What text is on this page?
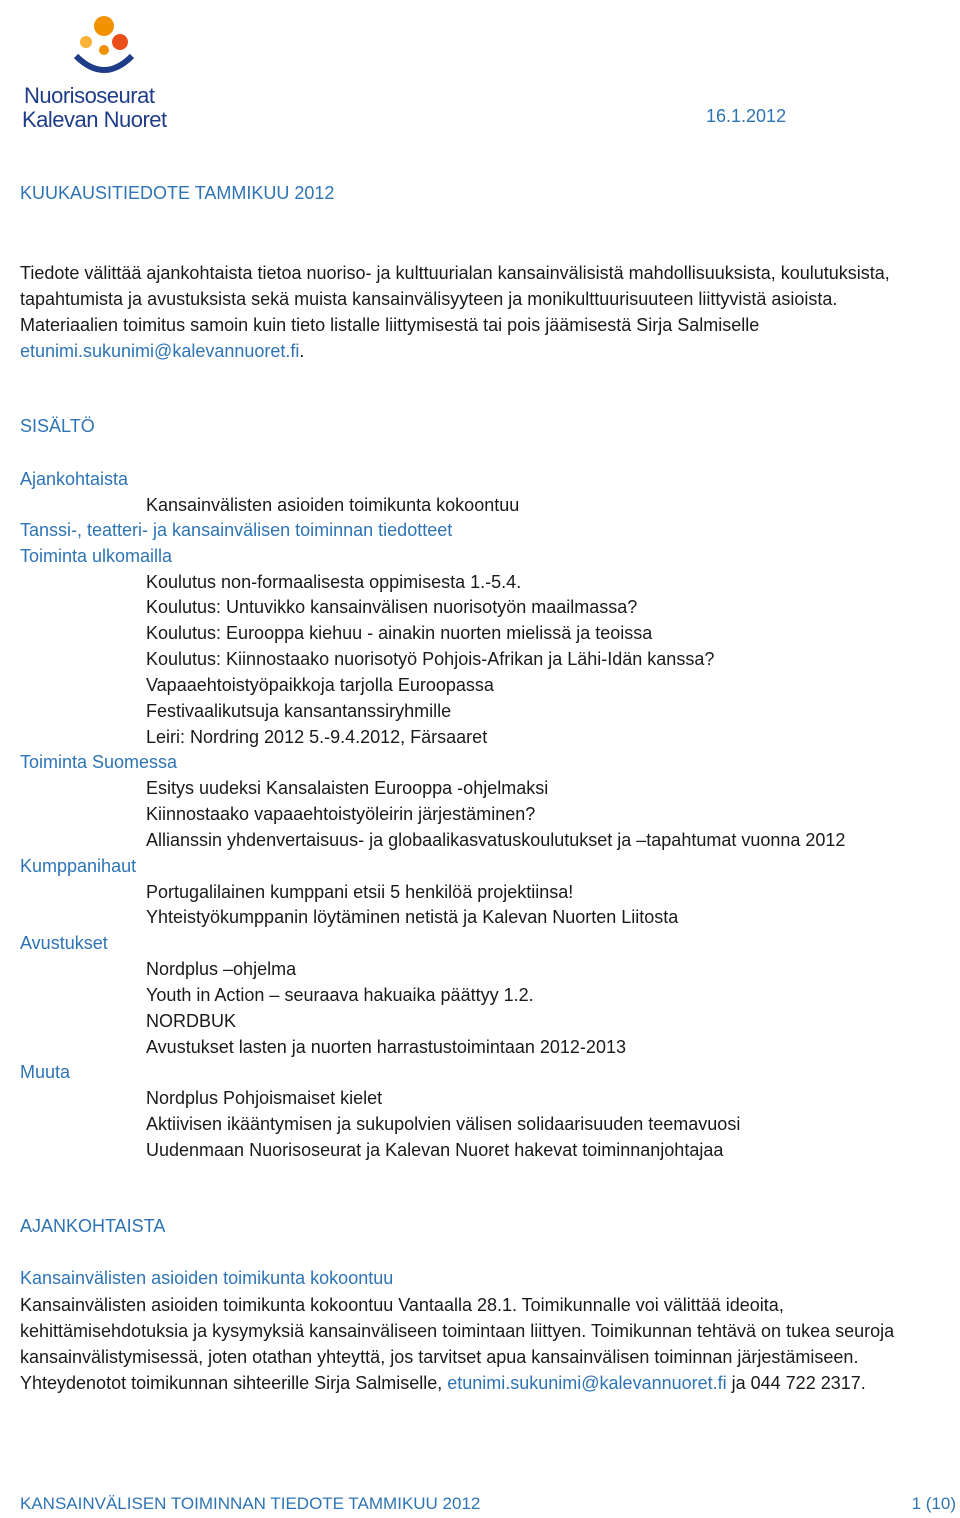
Nuorisoseurat
Kalevan Nuoret	16.1.2012
KUUKAUSITIEDOTE TAMMIKUU 2012
Tiedote välittää ajankohtaista tietoa nuoriso- ja kulttuurialan kansainvälisistä mahdollisuuksista, koulutuksista, tapahtumista ja avustuksista sekä muista kansainvälisyyteen ja monikulttuurisuuteen liittyvistä asioista. Materiaalien toimitus samoin kuin tieto listalle liittymisestä tai pois jäämisestä Sirja Salmiselle etunimi.sukunimi@kalevannuoret.fi.
SISÄLTÖ
Ajankohtaista
Kansainvälisten asioiden toimikunta kokoontuu
Tanssi-, teatteri- ja kansainvälisen toiminnan tiedotteet
Toiminta ulkomailla
Koulutus non-formaalisesta oppimisesta 1.-5.4.
Koulutus: Untuvikko kansainvälisen nuorisotyön maailmassa?
Koulutus: Eurooppa kiehuu - ainakin nuorten mielissä ja teoissa
Koulutus: Kiinnostaako nuorisotyö Pohjois-Afrikan ja Lähi-Idän kanssa?
Vapaaehtoistyöpaikkoja tarjolla Euroopassa
Festivaalikutsuja kansantanssiryhmille
Leiri: Nordring 2012 5.-9.4.2012, Färsaaret
Toiminta Suomessa
Esitys uudeksi Kansalaisten Eurooppa -ohjelmaksi
Kiinnostaako vapaaehtoistyöleirin järjestäminen?
Allianssin yhdenvertaisuus- ja globaalikasvatuskoulutukset ja –tapahtumat vuonna 2012
Kumppanihaut
Portugalilainen kumppani etsii 5 henkilöä projektiinsa!
Yhteistyökumppanin löytäminen netistä ja Kalevan Nuorten Liitosta
Avustukset
Nordplus –ohjelma
Youth in Action – seuraava hakuaika päättyy 1.2.
NORDBUK
Avustukset lasten ja nuorten harrastustoimintaan 2012-2013
Muuta
Nordplus Pohjoismaiset kielet
Aktiivisen ikääntymisen ja sukupolvien välisen solidaarisuuden teemavuosi
Uudenmaan Nuorisoseurat ja Kalevan Nuoret hakevat toiminnanjohtajaa
AJANKOHTAISTA
Kansainvälisten asioiden toimikunta kokoontuu
Kansainvälisten asioiden toimikunta kokoontuu Vantaalla 28.1. Toimikunnalle voi välittää ideoita, kehittämisehdotuksia ja kysymyksiä kansainväliseen toimintaan liittyen. Toimikunnan tehtävä on tukea seuroja kansainvälistymisessä, joten otathan yhteyttä, jos tarvitset apua kansainvälisen toiminnan järjestämiseen. Yhteydenotot toimikunnan sihteerille Sirja Salmiselle, etunimi.sukunimi@kalevannuoret.fi ja 044 722 2317.
KANSAINVÄLISEN TOIMINNAN TIEDOTE TAMMIKUU 2012	1 (10)
